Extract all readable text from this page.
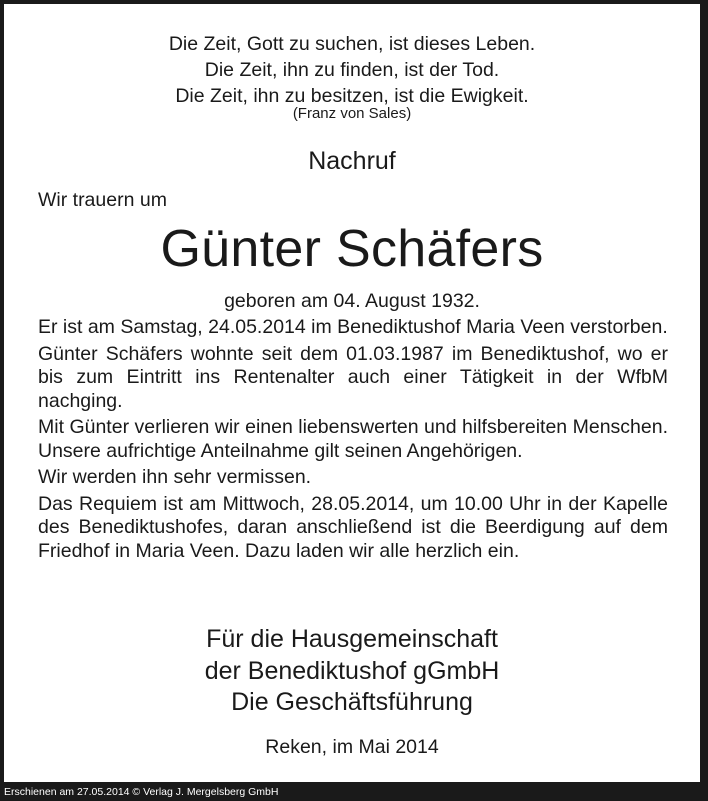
Die Zeit, Gott zu suchen, ist dieses Leben.
Die Zeit, ihn zu finden, ist der Tod.
Die Zeit, ihn zu besitzen, ist die Ewigkeit.
(Franz von Sales)
Nachruf
Wir trauern um
Günter Schäfers
geboren am 04. August 1932.

Er ist am Samstag, 24.05.2014 im Benediktushof Maria Veen verstorben.

Günter Schäfers wohnte seit dem 01.03.1987 im Benediktushof, wo er bis zum Eintritt ins Rentenalter auch einer Tätigkeit in der WfbM nachging.

Mit Günter verlieren wir einen liebenswerten und hilfsbereiten Menschen. Unsere aufrichtige Anteilnahme gilt seinen Angehörigen.

Wir werden ihn sehr vermissen.

Das Requiem ist am Mittwoch, 28.05.2014, um 10.00 Uhr in der Kapelle des Benediktushofes, daran anschließend ist die Beerdigung auf dem Friedhof in Maria Veen. Dazu laden wir alle herzlich ein.

Für die Hausgemeinschaft
der Benediktushof gGmbH
Die Geschäftsführung
Reken, im Mai 2014
Erschienen am 27.05.2014 © Verlag J. Mergelsberg GmbH
